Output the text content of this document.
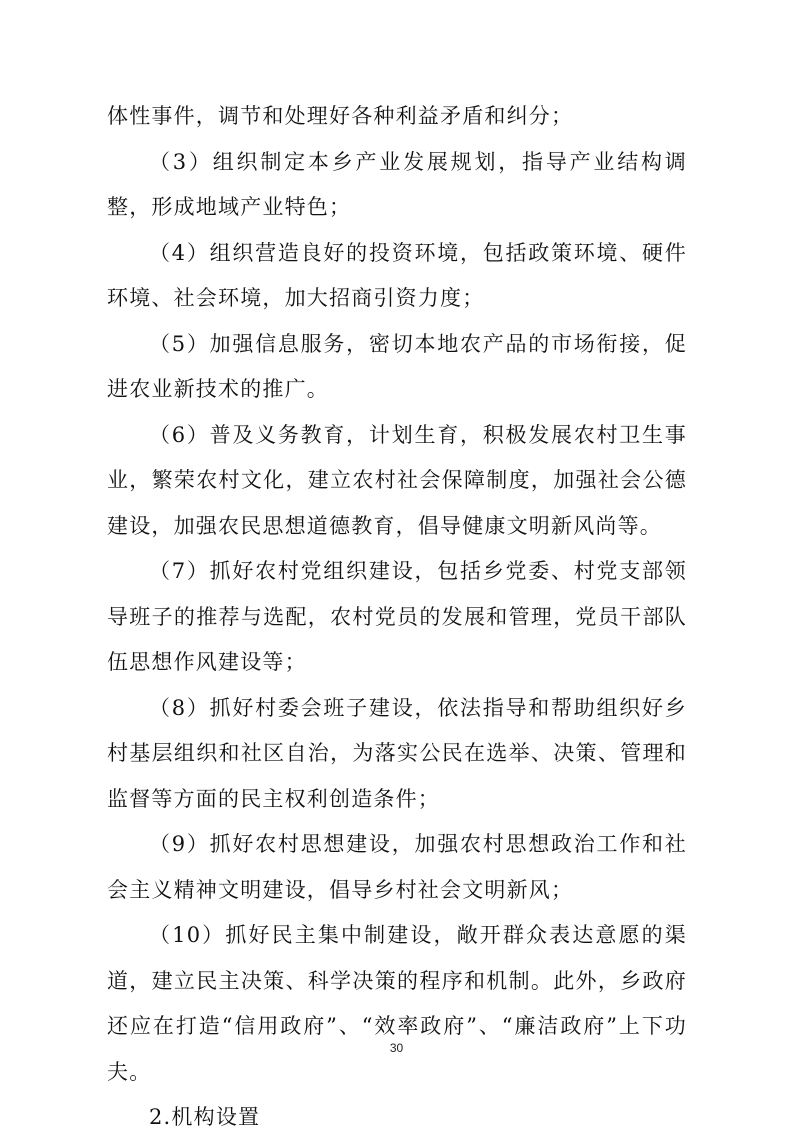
体性事件，调节和处理好各种利益矛盾和纠分；

（3）组织制定本乡产业发展规划，指导产业结构调整，形成地域产业特色；

（4）组织营造良好的投资环境，包括政策环境、硬件环境、社会环境，加大招商引资力度；

（5）加强信息服务，密切本地农产品的市场衔接，促进农业新技术的推广。

（6）普及义务教育，计划生育，积极发展农村卫生事业，繁荣农村文化，建立农村社会保障制度，加强社会公德建设，加强农民思想道德教育，倡导健康文明新风尚等。

（7）抓好农村党组织建设，包括乡党委、村党支部领导班子的推荐与选配，农村党员的发展和管理，党员干部队伍思想作风建设等；

（8）抓好村委会班子建设，依法指导和帮助组织好乡村基层组织和社区自治，为落实公民在选举、决策、管理和监督等方面的民主权利创造条件；

（9）抓好农村思想建设，加强农村思想政治工作和社会主义精神文明建设，倡导乡村社会文明新风；

（10）抓好民主集中制建设，敞开群众表达意愿的渠道，建立民主决策、科学决策的程序和机制。此外，乡政府还应在打造“信用政府”、“效率政府”、“廉洁政府”上下功夫。

2.机构设置

30
